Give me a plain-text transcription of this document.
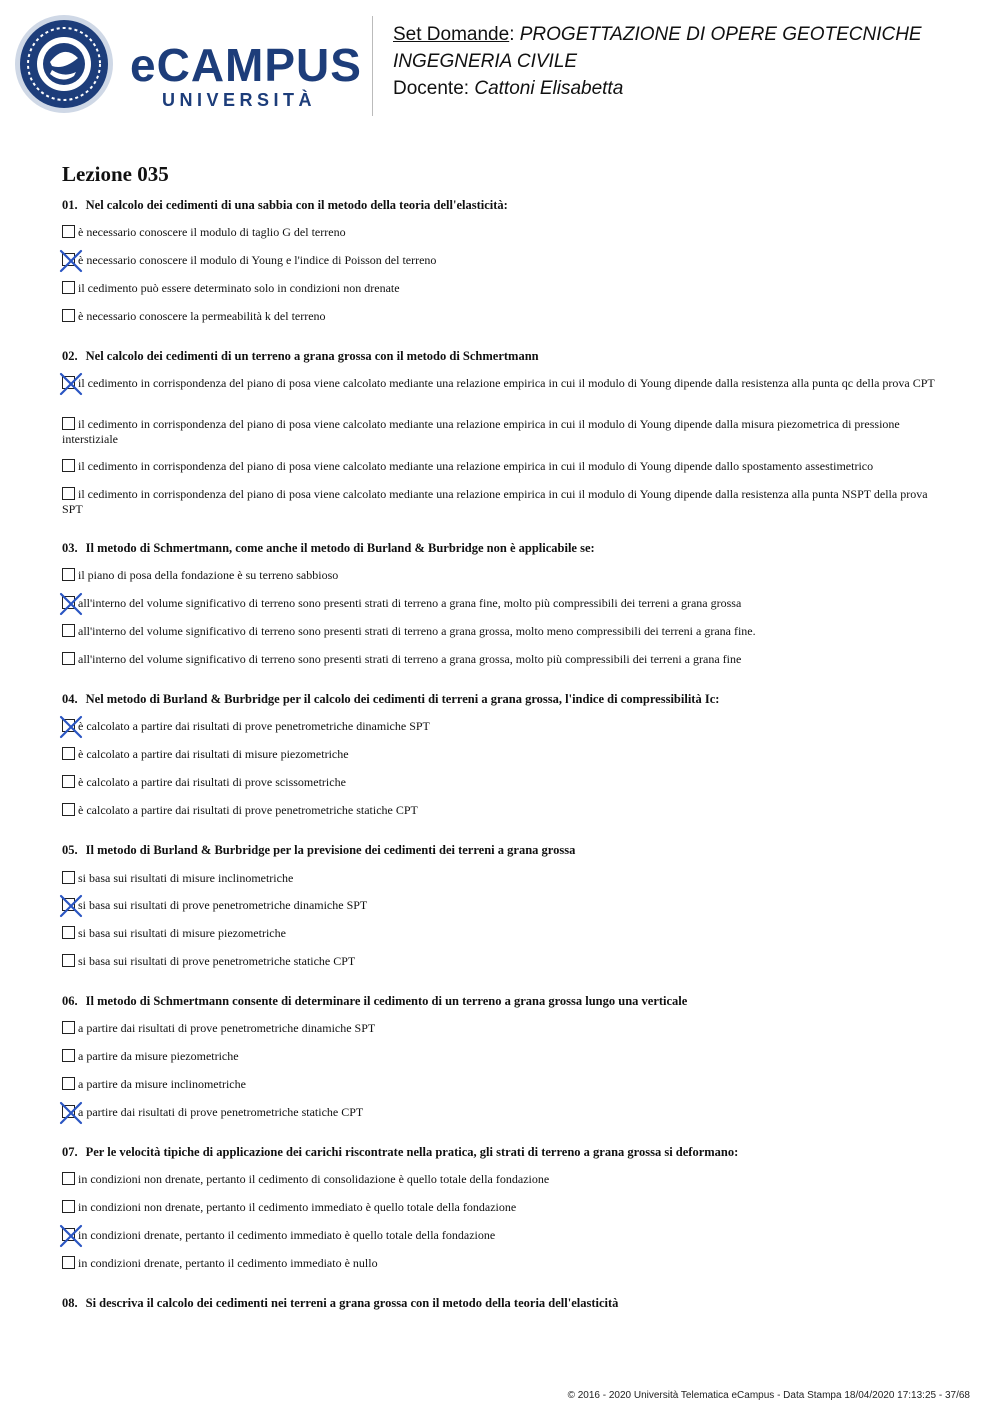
eCAMPUS
UNIVERSITÀ
Set Domande: PROGETTAZIONE DI OPERE GEOTECNICHE
INGEGNERIA CIVILE
Docente: Cattoni Elisabetta
Lezione 035
01. Nel calcolo dei cedimenti di una sabbia con il metodo della teoria dell'elasticità:
è necessario conoscere il modulo di taglio G del terreno
è necessario conoscere il modulo di Young e l'indice di Poisson del terreno
il cedimento può essere determinato solo in condizioni non drenate
è necessario conoscere la permeabilità k del terreno
02. Nel calcolo dei cedimenti di un terreno a grana grossa con il metodo di Schmertmann
il cedimento in corrispondenza del piano di posa viene calcolato mediante una relazione empirica in cui il modulo di Young dipende dalla resistenza alla punta qc della prova CPT
il cedimento in corrispondenza del piano di posa viene calcolato mediante una relazione empirica in cui il modulo di Young dipende dalla misura piezometrica di pressione interstiziale
il cedimento in corrispondenza del piano di posa viene calcolato mediante una relazione empirica in cui il modulo di Young dipende dallo spostamento assestimetrico
il cedimento in corrispondenza del piano di posa viene calcolato mediante una relazione empirica in cui il modulo di Young dipende dalla resistenza alla punta NSPT della prova SPT
03. Il metodo di Schmertmann, come anche il metodo di Burland & Burbridge non è applicabile se:
il piano di posa della fondazione è su terreno sabbioso
all'interno del volume significativo di terreno sono presenti strati di terreno a grana fine, molto più compressibili dei terreni a grana grossa
all'interno del volume significativo di terreno sono presenti strati di terreno a grana grossa, molto meno compressibili dei terreni a grana fine.
all'interno del volume significativo di terreno sono presenti strati di terreno a grana grossa, molto più compressibili dei terreni a grana fine
04. Nel metodo di Burland & Burbridge per il calcolo dei cedimenti di terreni a grana grossa, l'indice di compressibilità Ic:
è calcolato a partire dai risultati di prove penetrometriche dinamiche SPT
è calcolato a partire dai risultati di misure piezometriche
è calcolato a partire dai risultati di prove scissometriche
è calcolato a partire dai risultati di prove penetrometriche statiche CPT
05. Il metodo di Burland & Burbridge per la previsione dei cedimenti dei terreni a grana grossa
si basa sui risultati di misure inclinometriche
si basa sui risultati di prove penetrometriche dinamiche SPT
si basa sui risultati di misure piezometriche
si basa sui risultati di prove penetrometriche statiche CPT
06. Il metodo di Schmertmann consente di determinare il cedimento di un terreno a grana grossa lungo una verticale
a partire dai risultati di prove penetrometriche dinamiche SPT
a partire da misure piezometriche
a partire da misure inclinometriche
a partire dai risultati di prove penetrometriche statiche CPT
07. Per le velocità tipiche di applicazione dei carichi riscontrate nella pratica, gli strati di terreno a grana grossa si deformano:
in condizioni non drenate, pertanto il cedimento di consolidazione è quello totale della fondazione
in condizioni non drenate, pertanto il cedimento immediato è quello totale della fondazione
in condizioni drenate, pertanto il cedimento immediato è quello totale della fondazione
in condizioni drenate, pertanto il cedimento immediato è nullo
08. Si descriva il calcolo dei cedimenti nei terreni a grana grossa con il metodo della teoria dell'elasticità
© 2016 - 2020 Università Telematica eCampus - Data Stampa 18/04/2020 17:13:25 - 37/68
